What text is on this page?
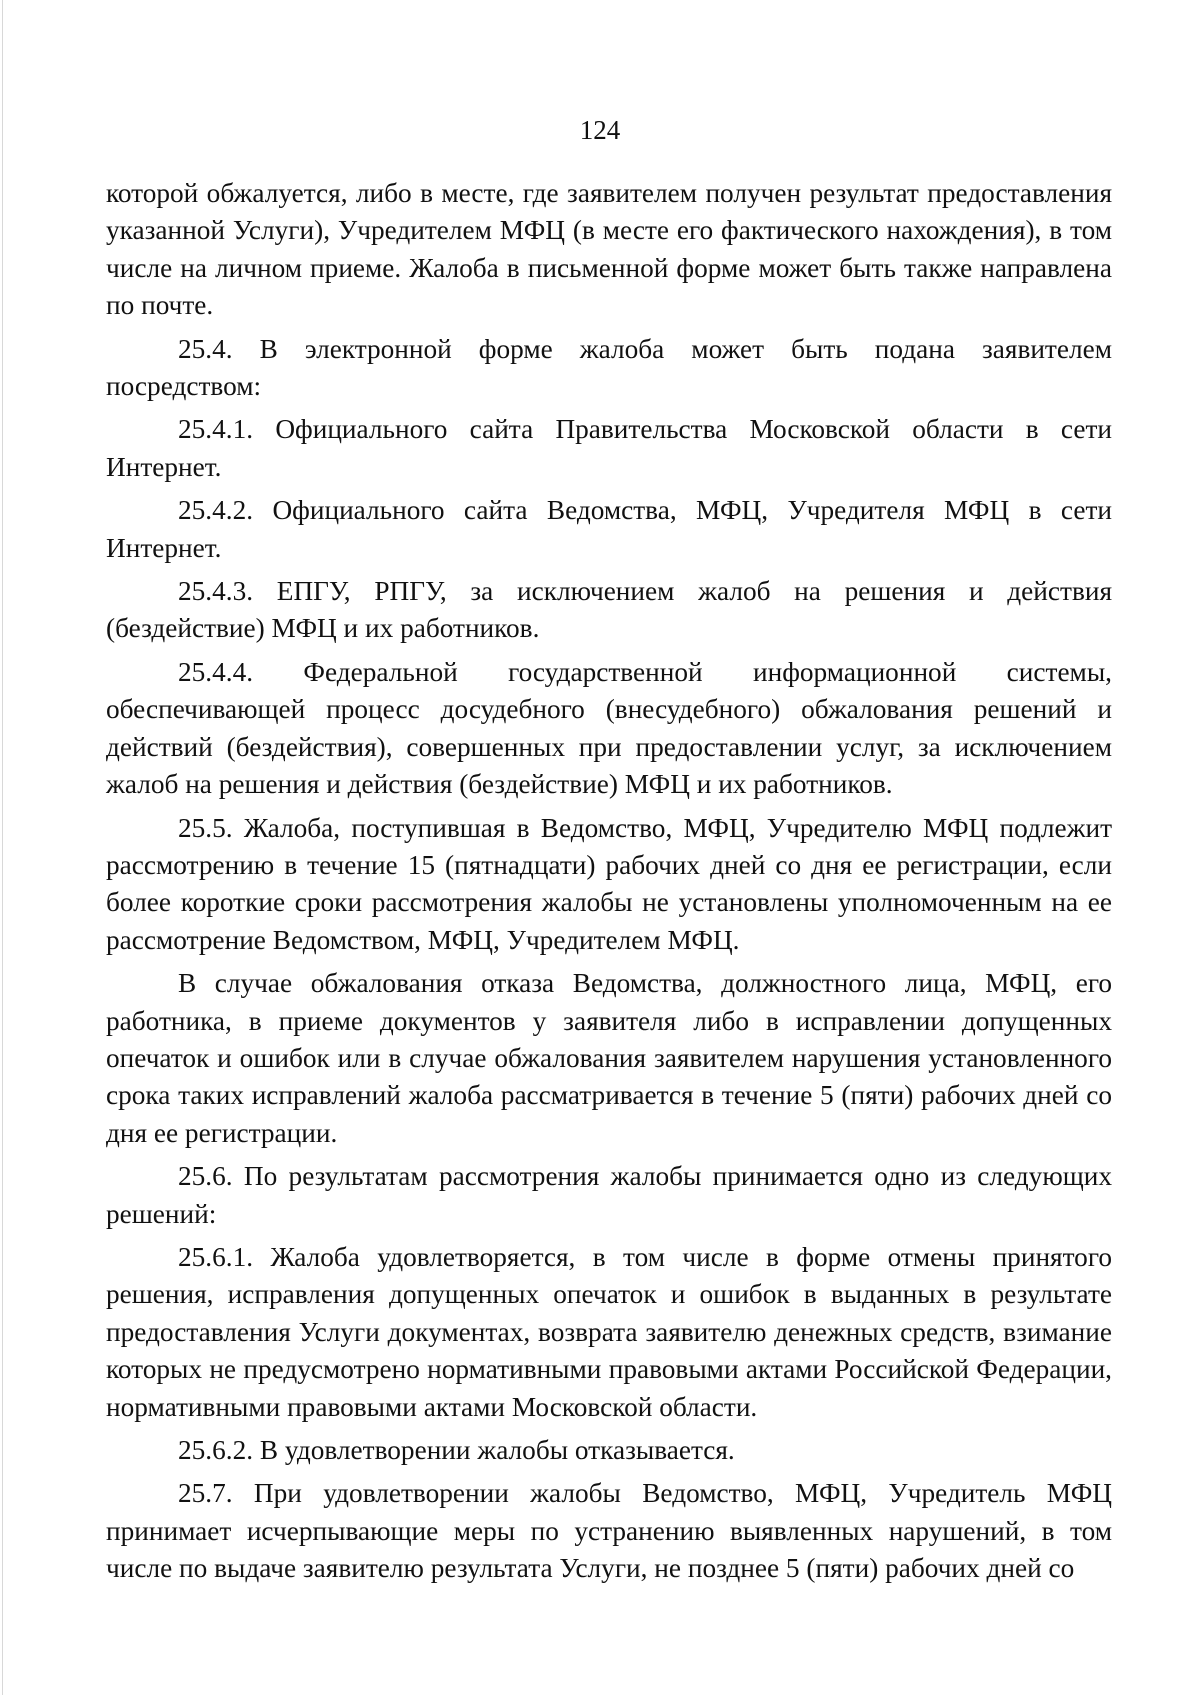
124

которой обжалуется, либо в месте, где заявителем получен результат предоставления указанной Услуги), Учредителем МФЦ (в месте его фактического нахождения), в том числе на личном приеме. Жалоба в письменной форме может быть также направлена по почте.

25.4. В электронной форме жалоба может быть подана заявителем посредством:

25.4.1. Официального сайта Правительства Московской области в сети Интернет.

25.4.2. Официального сайта Ведомства, МФЦ, Учредителя МФЦ в сети Интернет.

25.4.3. ЕПГУ, РПГУ, за исключением жалоб на решения и действия (бездействие) МФЦ и их работников.

25.4.4. Федеральной государственной информационной системы, обеспечивающей процесс досудебного (внесудебного) обжалования решений и действий (бездействия), совершенных при предоставлении услуг, за исключением жалоб на решения и действия (бездействие) МФЦ и их работников.

25.5. Жалоба, поступившая в Ведомство, МФЦ, Учредителю МФЦ подлежит рассмотрению в течение 15 (пятнадцати) рабочих дней со дня ее регистрации, если более короткие сроки рассмотрения жалобы не установлены уполномоченным на ее рассмотрение Ведомством, МФЦ, Учредителем МФЦ.

В случае обжалования отказа Ведомства, должностного лица, МФЦ, его работника, в приеме документов у заявителя либо в исправлении допущенных опечаток и ошибок или в случае обжалования заявителем нарушения установленного срока таких исправлений жалоба рассматривается в течение 5 (пяти) рабочих дней со дня ее регистрации.

25.6. По результатам рассмотрения жалобы принимается одно из следующих решений:

25.6.1. Жалоба удовлетворяется, в том числе в форме отмены принятого решения, исправления допущенных опечаток и ошибок в выданных в результате предоставления Услуги документах, возврата заявителю денежных средств, взимание которых не предусмотрено нормативными правовыми актами Российской Федерации, нормативными правовыми актами Московской области.

25.6.2. В удовлетворении жалобы отказывается.

25.7. При удовлетворении жалобы Ведомство, МФЦ, Учредитель МФЦ принимает исчерпывающие меры по устранению выявленных нарушений, в том числе по выдаче заявителю результата Услуги, не позднее 5 (пяти) рабочих дней со
